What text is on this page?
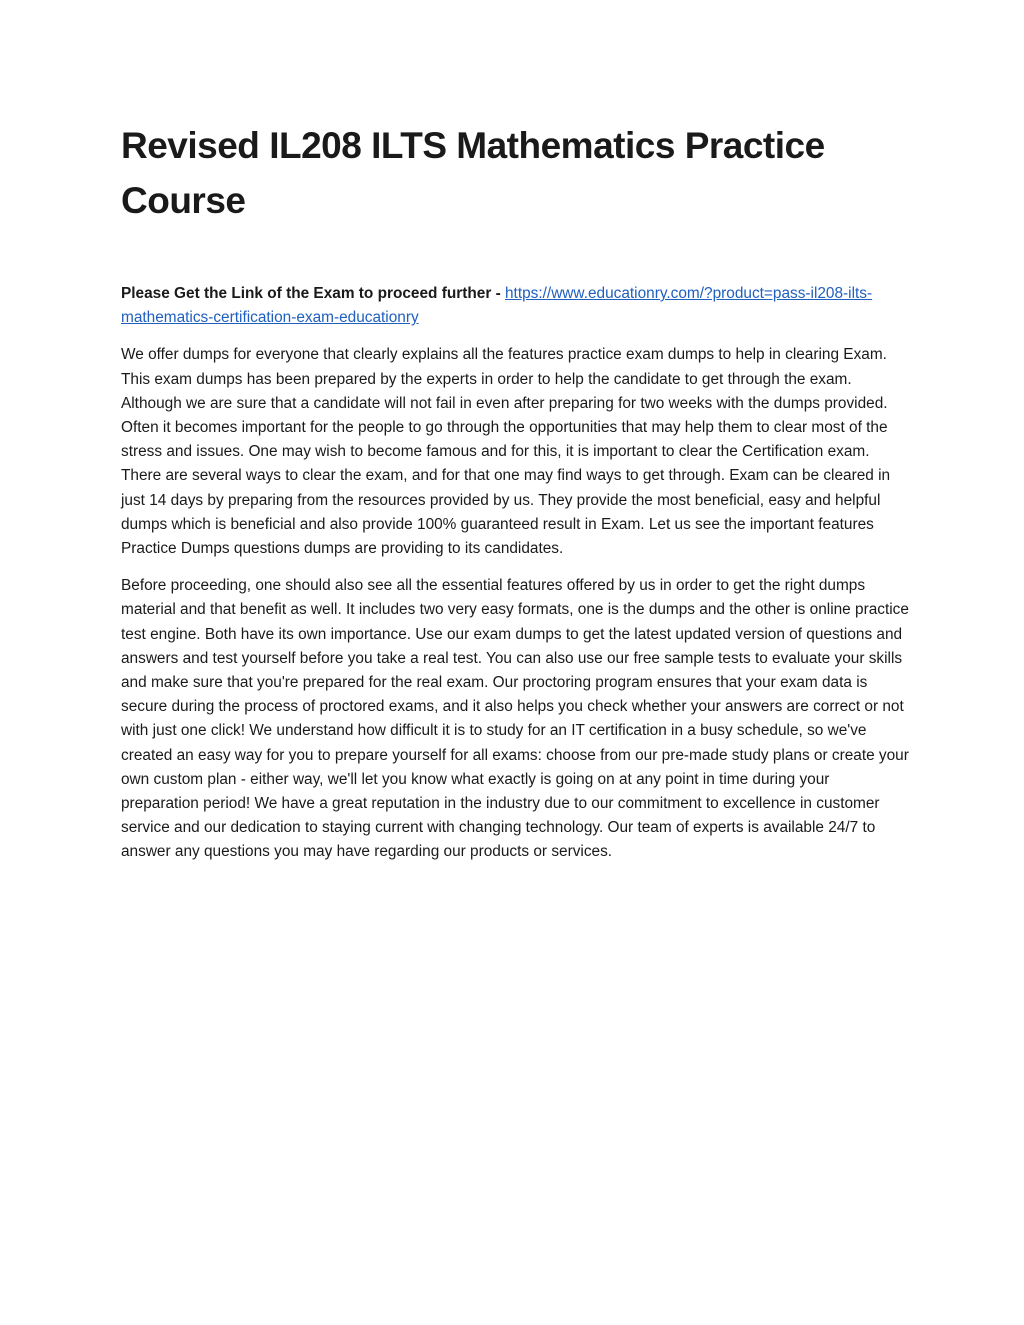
Revised IL208 ILTS Mathematics Practice Course

Please Get the Link of the Exam to proceed further - https://www.educationry.com/?product=pass-il208-ilts-mathematics-certification-exam-educationry

We offer dumps for everyone that clearly explains all the features practice exam dumps to help in clearing Exam. This exam dumps has been prepared by the experts in order to help the candidate to get through the exam. Although we are sure that a candidate will not fail in even after preparing for two weeks with the dumps provided. Often it becomes important for the people to go through the opportunities that may help them to clear most of the stress and issues. One may wish to become famous and for this, it is important to clear the Certification exam. There are several ways to clear the exam, and for that one may find ways to get through. Exam can be cleared in just 14 days by preparing from the resources provided by us. They provide the most beneficial, easy and helpful dumps which is beneficial and also provide 100% guaranteed result in Exam. Let us see the important features Practice Dumps questions dumps are providing to its candidates.

Before proceeding, one should also see all the essential features offered by us in order to get the right dumps material and that benefit as well. It includes two very easy formats, one is the dumps and the other is online practice test engine. Both have its own importance. Use our exam dumps to get the latest updated version of questions and answers and test yourself before you take a real test. You can also use our free sample tests to evaluate your skills and make sure that you're prepared for the real exam. Our proctoring program ensures that your exam data is secure during the process of proctored exams, and it also helps you check whether your answers are correct or not with just one click! We understand how difficult it is to study for an IT certification in a busy schedule, so we've created an easy way for you to prepare yourself for all exams: choose from our pre-made study plans or create your own custom plan - either way, we'll let you know what exactly is going on at any point in time during your preparation period! We have a great reputation in the industry due to our commitment to excellence in customer service and our dedication to staying current with changing technology. Our team of experts is available 24/7 to answer any questions you may have regarding our products or services.
